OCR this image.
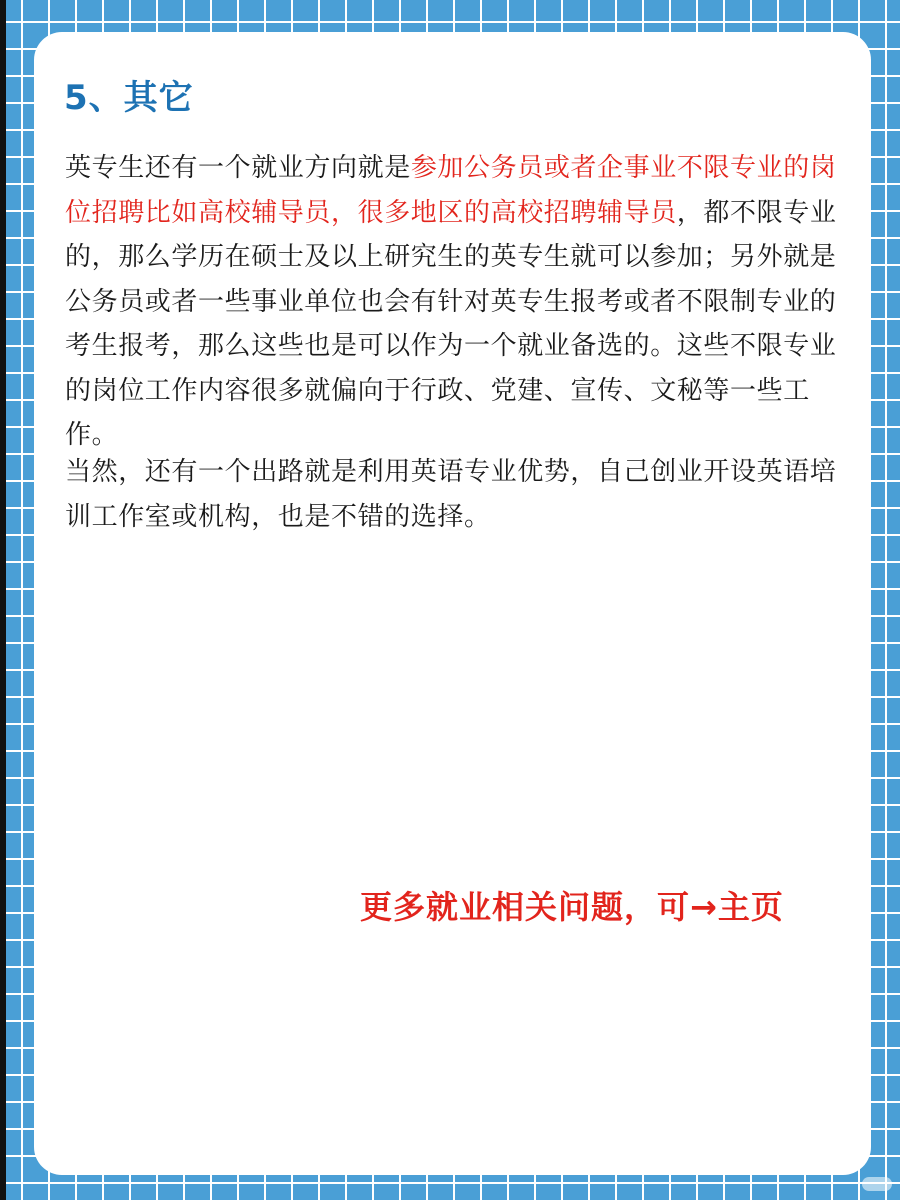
5、其它

英专生还有一个就业方向就是参加公务员或者企事业不限专业的岗位招聘比如高校辅导员，很多地区的高校招聘辅导员，都不限专业的，那么学历在硕士及以上研究生的英专生就可以参加；另外就是公务员或者一些事业单位也会有针对英专生报考或者不限制专业的考生报考，那么这些也是可以作为一个就业备选的。这些不限专业的岗位工作内容很多就偏向于行政、党建、宣传、文秘等一些工作。

当然，还有一个出路就是利用英语专业优势，自己创业开设英语培训工作室或机构，也是不错的选择。

更多就业相关问题，可→主页
